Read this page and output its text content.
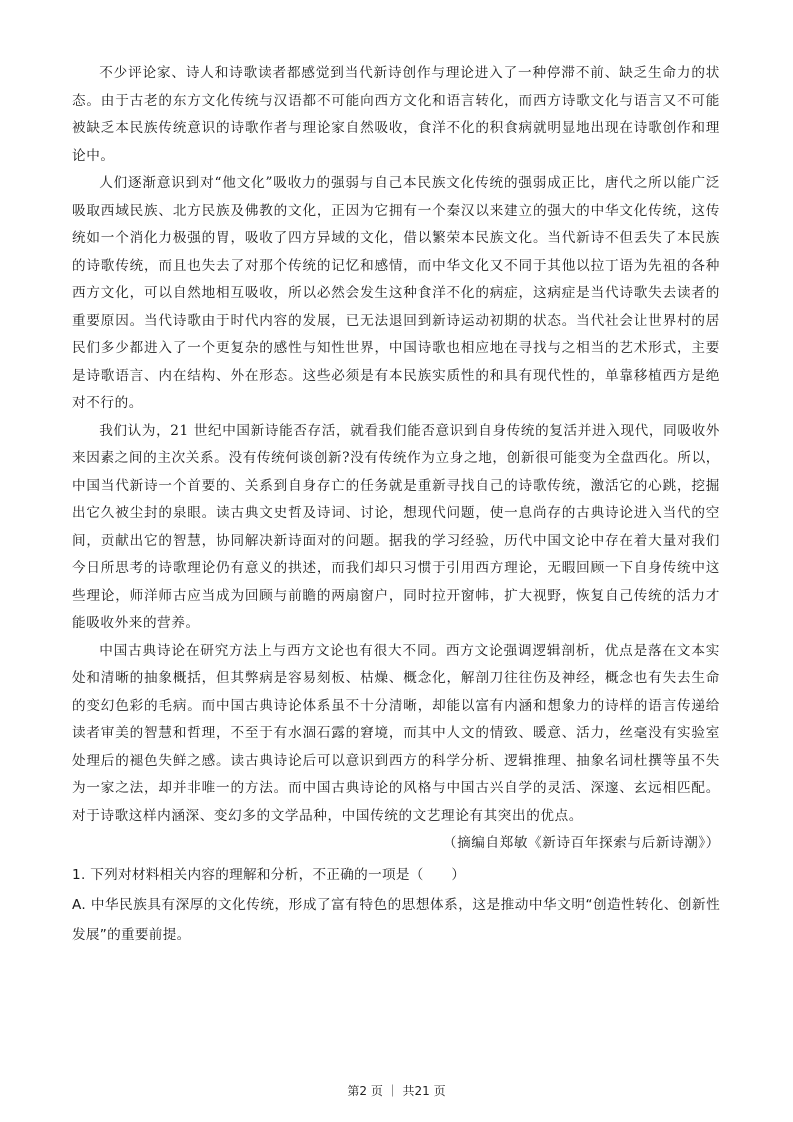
不少评论家、诗人和诗歌读者都感觉到当代新诗创作与理论进入了一种停滞不前、缺乏生命力的状态。由于古老的东方文化传统与汉语都不可能向西方文化和语言转化，而西方诗歌文化与语言又不可能被缺乏本民族传统意识的诗歌作者与理论家自然吸收，食洋不化的积食病就明显地出现在诗歌创作和理论中。

人们逐渐意识到对“他文化”吸收力的强弱与自己本民族文化传统的强弱成正比，唐代之所以能广泛吸取西域民族、北方民族及佛教的文化，正因为它拥有一个秦汉以来建立的强大的中华文化传统，这传统如一个消化力极强的胃，吸收了四方异域的文化，借以繁荣本民族文化。当代新诗不但丢失了本民族的诗歌传统，而且也失去了对那个传统的记忆和感情，而中华文化又不同于其他以拉丁语为先祖的各种西方文化，可以自然地相互吸收，所以必然会发生这种食洋不化的病症，这病症是当代诗歌失去读者的重要原因。当代诗歌由于时代内容的发展，已无法退回到新诗运动初期的状态。当代社会让世界村的居民们多少都进入了一个更复杂的感性与知性世界，中国诗歌也相应地在寻找与之相当的艺术形式，主要是诗歌语言、内在结构、外在形态。这些必须是有本民族实质性的和具有现代性的，单靠移植西方是绝对不行的。

我们认为，21 世纪中国新诗能否存活，就看我们能否意识到自身传统的复活并进入现代，同吸收外来因素之间的主次关系。没有传统何谈创新?没有传统作为立身之地，创新很可能变为全盘西化。所以，中国当代新诗一个首要的、关系到自身存亡的任务就是重新寻找自己的诗歌传统，激活它的心跳，挖掘出它久被尘封的泉眼。读古典文史哲及诗词、讨论，想现代问题，使一息尚存的古典诗论进入当代的空间，贡献出它的智慧，协同解决新诗面对的问题。据我的学习经验，历代中国文论中存在着大量对我们今日所思考的诗歌理论仍有意义的拱述，而我们却只习惯于引用西方理论，无暇回顾一下自身传统中这些理论，师洋师古应当成为回顾与前瞻的两扇窗户，同时拉开窗帏，扩大视野，恢复自己传统的活力才能吸收外来的营养。

中国古典诗论在研究方法上与西方文论也有很大不同。西方文论强调逻辑剖析，优点是落在文本实处和清晰的抽象概括，但其弊病是容易刻板、枯燥、概念化，解剖刀往往伤及神经，概念也有失去生命的变幻色彩的毛病。而中国古典诗论体系虽不十分清晰，却能以富有内涵和想象力的诗样的语言传递给读者审美的智慧和哲理，不至于有水涸石露的窘境，而其中人文的情致、暖意、活力，丝毫没有实验室处理后的褪色失鲜之感。读古典诗论后可以意识到西方的科学分析、逻辑推理、抽象名词杜撰等虽不失为一家之法，却并非唯一的方法。而中国古典诗论的风格与中国古兴自学的灵活、深邃、玄远相匹配。对于诗歌这样内涵深、变幻多的文学品种，中国传统的文艺理论有其突出的优点。

（摘编自郑敏《新诗百年探索与后新诗潮》）

1. 下列对材料相关内容的理解和分析，不正确的一项是（　　）

A. 中华民族具有深厚的文化传统，形成了富有特色的思想体系，这是推动中华文明“创造性转化、创新性发展”的重要前提。

第2 页 ｜ 共21 页
